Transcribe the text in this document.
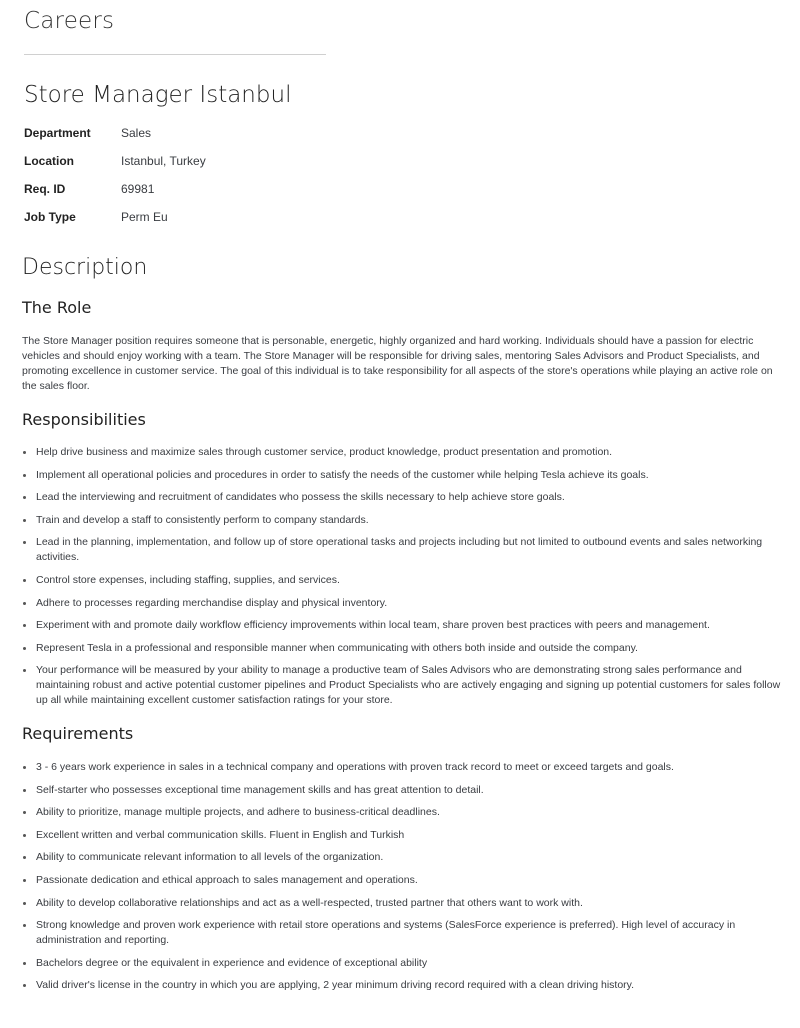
Careers
Store Manager Istanbul
Department	Sales
Location	Istanbul, Turkey
Req. ID	69981
Job Type	Perm Eu
Description
The Role

The Store Manager position requires someone that is personable, energetic, highly organized and hard working. Individuals should have a passion for electric vehicles and should enjoy working with a team. The Store Manager will be responsible for driving sales, mentoring Sales Advisors and Product Specialists, and promoting excellence in customer service. The goal of this individual is to take responsibility for all aspects of the store's operations while playing an active role on the sales floor.

Responsibilities
Help drive business and maximize sales through customer service, product knowledge, product presentation and promotion.
Implement all operational policies and procedures in order to satisfy the needs of the customer while helping Tesla achieve its goals.
Lead the interviewing and recruitment of candidates who possess the skills necessary to help achieve store goals.
Train and develop a staff to consistently perform to company standards.
Lead in the planning, implementation, and follow up of store operational tasks and projects including but not limited to outbound events and sales networking activities.
Control store expenses, including staffing, supplies, and services.
Adhere to processes regarding merchandise display and physical inventory.
Experiment with and promote daily workflow efficiency improvements within local team, share proven best practices with peers and management.
Represent Tesla in a professional and responsible manner when communicating with others both inside and outside the company.
Your performance will be measured by your ability to manage a productive team of Sales Advisors who are demonstrating strong sales performance and maintaining robust and active potential customer pipelines and Product Specialists who are actively engaging and signing up potential customers for sales follow up all while maintaining excellent customer satisfaction ratings for your store.
Requirements
3 - 6 years work experience in sales in a technical company and operations with proven track record to meet or exceed targets and goals.
Self-starter who possesses exceptional time management skills and has great attention to detail.
Ability to prioritize, manage multiple projects, and adhere to business-critical deadlines.
Excellent written and verbal communication skills. Fluent in English and Turkish
Ability to communicate relevant information to all levels of the organization.
Passionate dedication and ethical approach to sales management and operations.
Ability to develop collaborative relationships and act as a well-respected, trusted partner that others want to work with.
Strong knowledge and proven work experience with retail store operations and systems (SalesForce experience is preferred). High level of accuracy in administration and reporting.
Bachelors degree or the equivalent in experience and evidence of exceptional ability
Valid driver's license in the country in which you are applying, 2 year minimum driving record required with a clean driving history.
